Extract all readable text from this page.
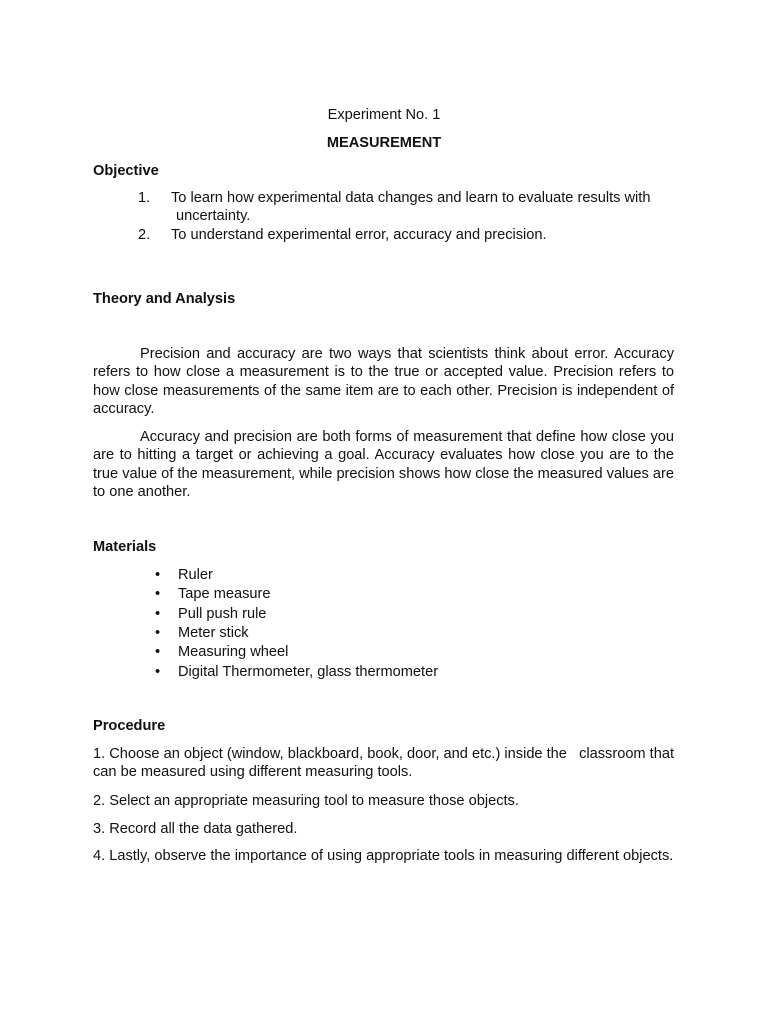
Experiment No. 1
MEASUREMENT
Objective
1. To learn how experimental data changes and learn to evaluate results with
uncertainty.
2. To understand experimental error, accuracy and precision.
Theory and Analysis

Precision and accuracy are two ways that scientists think about error. Accuracy refers to how close a measurement is to the true or accepted value. Precision refers to how close measurements of the same item are to each other. Precision is independent of accuracy.

Accuracy and precision are both forms of measurement that define how close you are to hitting a target or achieving a goal. Accuracy evaluates how close you are to the true value of the measurement, while precision shows how close the measured values are to one another.

Materials
• Ruler
• Tape measure
• Pull push rule
• Meter stick
• Measuring wheel
• Digital Thermometer, glass thermometer
Procedure

1. Choose an object (window, blackboard, book, door, and etc.) inside the   classroom that can be measured using different measuring tools.

2. Select an appropriate measuring tool to measure those objects.

3. Record all the data gathered.

4. Lastly, observe the importance of using appropriate tools in measuring different objects.
